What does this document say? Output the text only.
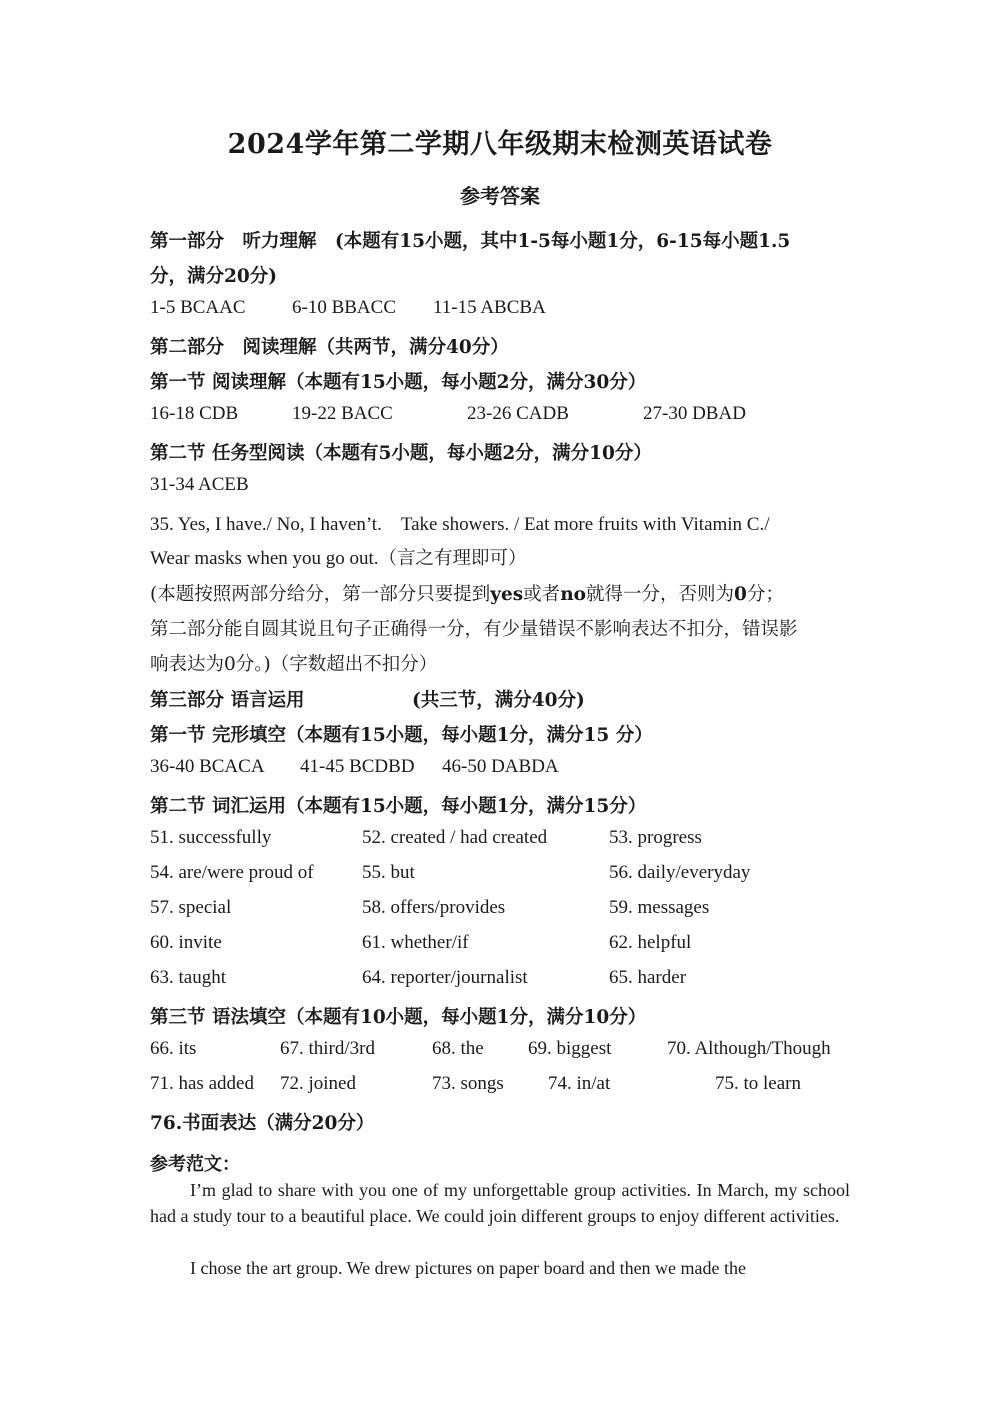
2024学年第二学期八年级期末检测英语试卷
参考答案
第一部分　听力理解　(本题有15小题，其中1-5每小题1分，6-15每小题1.5
分，满分20分)
1-5 BCAAC 6-10 BBACC 11-15 ABCBA
第二部分　阅读理解（共两节，满分40分）
第一节 阅读理解（本题有15小题，每小题2分，满分30分）
16-18 CDB	19-22 BACC	23-26 CADB	27-30 DBAD
第二节 任务型阅读（本题有5小题，每小题2分，满分10分）
31-34 ACEB
35. Yes, I have./ No, I haven’t.　Take showers. / Eat more fruits with Vitamin C./
Wear masks when you go out.（言之有理即可）
(本题按照两部分给分，第一部分只要提到yes或者no就得一分，否则为0分；
第二部分能自圆其说且句子正确得一分，有少量错误不影响表达不扣分，错误影
响表达为0分。)（字数超出不扣分）
第三部分 语言运用	(共三节，满分40分)
第一节 完形填空（本题有15小题，每小题1分，满分15 分）
36-40 BCACA 41-45 BCDBD 46-50 DABDA
第二节 词汇运用（本题有15小题，每小题1分，满分15分）
51. successfully	52. created / had created	53. progress
54. are/were proud of	55. but	56. daily/everyday
57. special	58. offers/provides	59. messages
60. invite	61. whether/if	62. helpful
63. taught	64. reporter/journalist	65. harder
第三节 语法填空（本题有10小题，每小题1分，满分10分）
66. its	67. third/3rd	68. the 69. biggest	70. Although/Though
71. has added 72. joined	73. songs 74. in/at	75. to learn
76.书面表达（满分20分）
参考范文：
I’m glad to share with you one of my unforgettable group activities. In March, my school had a study tour to a beautiful place. We could join different groups to enjoy different activities.
I chose the art group. We drew pictures on paper board and then we made the
